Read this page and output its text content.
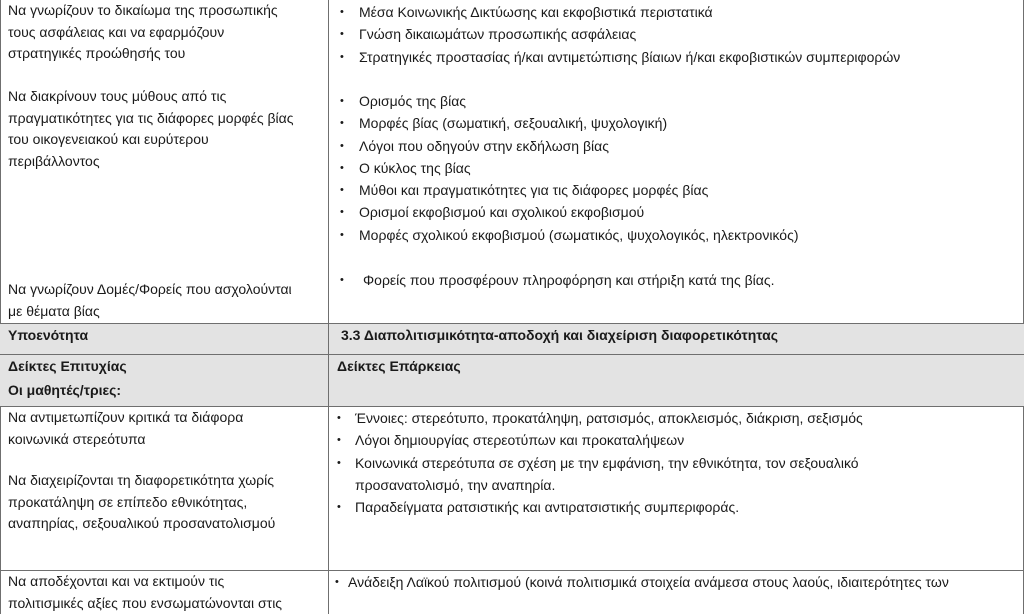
Να γνωρίζουν το δικαίωμα της προσωπικής
τους ασφάλειας και να εφαρμόζουν
στρατηγικές προώθησής του

Να διακρίνουν τους μύθους από τις
πραγματικότητες για τις διάφορες μορφές βίας
του οικογενειακού και ευρύτερου
περιβάλλοντος

Να γνωρίζουν Δομές/Φορείς που ασχολούνται
με θέματα βίας

• Μέσα Κοινωνικής Δικτύωσης και εκφοβιστικά περιστατικά
• Γνώση δικαιωμάτων προσωπικής ασφάλειας
• Στρατηγικές προστασίας ή/και αντιμετώπισης βίαιων ή/και εκφοβιστικών συμπεριφορών
• Ορισμός της βίας
• Μορφές βίας (σωματική, σεξουαλική, ψυχολογική)
• Λόγοι που οδηγούν στην εκδήλωση βίας
• Ο κύκλος της βίας
• Μύθοι και πραγματικότητες για τις διάφορες μορφές βίας
• Ορισμοί εκφοβισμού και σχολικού εκφοβισμού
• Μορφές σχολικού εκφοβισμού (σωματικός, ψυχολογικός, ηλεκτρονικός)
• Φορείς που προσφέρουν πληροφόρηση και στήριξη κατά της βίας.
Υποενότητα	3.3 Διαπολιτισμικότητα-αποδοχή και διαχείριση διαφορετικότητας
Δείκτες Επιτυχίας
Οι μαθητές/τριες:
Δείκτες Επάρκειας

Να αντιμετωπίζουν κριτικά τα διάφορα
κοινωνικά στερεότυπα

Να διαχειρίζονται τη διαφορετικότητα χωρίς
προκατάληψη σε επίπεδο εθνικότητας,
αναπηρίας, σεξουαλικού προσανατολισμού

• Έννοιες: στερεότυπο, προκατάληψη, ρατσισμός, αποκλεισμός, διάκριση, σεξισμός
• Λόγοι δημιουργίας στερεοτύπων και προκαταλήψεων
• Κοινωνικά στερεότυπα σε σχέση με την εμφάνιση, την εθνικότητα, τον σεξουαλικό προσανατολισμό, την αναπηρία.
• Παραδείγματα ρατσιστικής και αντιρατσιστικής συμπεριφοράς.

Να αποδέχονται και να εκτιμούν τις
πολιτισμικές αξίες που ενσωματώνονται στις

• Ανάδειξη Λαϊκού πολιτισμού (κοινά πολιτισμικά στοιχεία ανάμεσα στους λαούς, ιδιαιτερότητες των
